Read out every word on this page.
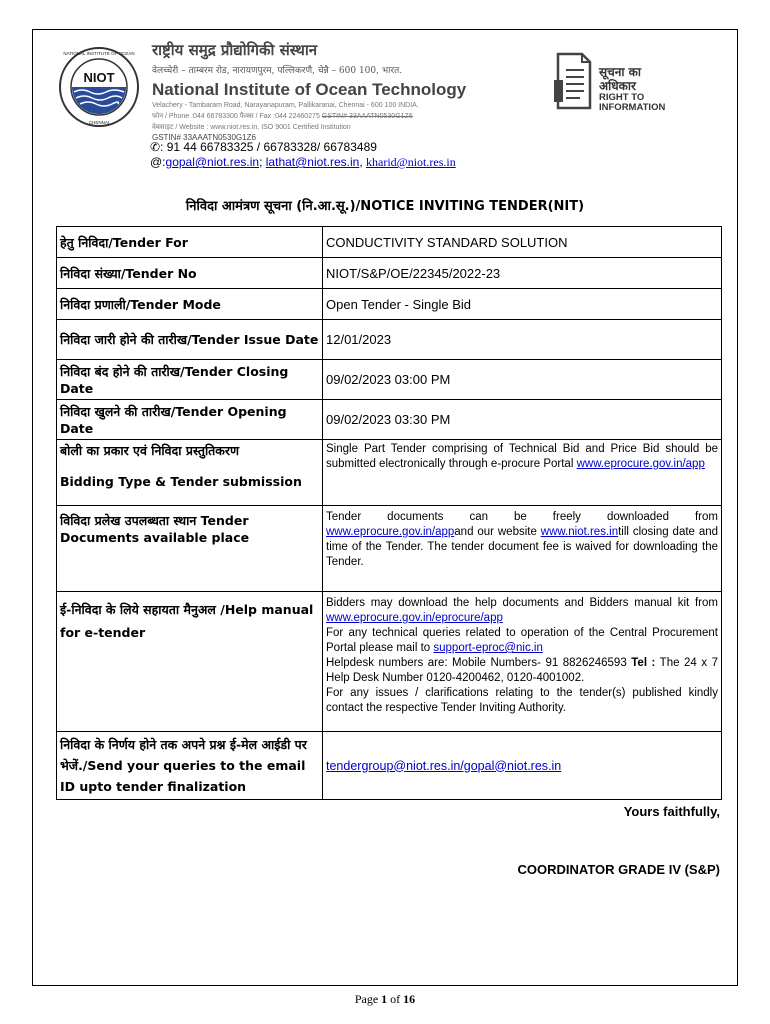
NIOT
NATIONAL INSTITUTE OF OCEAN
CHENNAI
राष्ट्रीय समुद्र प्रौद्योगिकी संस्थान
वेलच्चेरी – ताम्बरम रोड, नारायणपुरम, पल्लिकरणै, चेन्नै – 600 100, भारत.
National Institute of Ocean Technology
Velachery - Tambaram Road, Narayanapuram, Pallikaranai, Chennai - 600 100 INDIA.
फोन / Phone :044 66783300 फैक्स / Fax :044 22460275 GSTIN# 33AAATN0530G1Z6
वेबसाइट / Website : www.niot.res.in, ISO 9001 Certified Institution
GSTIN# 33AAATN0530G1Z6
सूचना का
अधिकार
RIGHT TO
INFORMATION
✆: 91 44 66783325 / 66783328/ 66783489
@:gopal@niot.res.in; lathat@niot.res.in, kharid@niot.res.in
निविदा आमंत्रण सूचना (नि.आ.सू.)/NOTICE INVITING TENDER(NIT)
हेतु निविदा/Tender For	CONDUCTIVITY STANDARD SOLUTION
निविदा संख्या/Tender No	NIOT/S&P/OE/22345/2022-23
निविदा प्रणाली/Tender Mode	Open Tender - Single Bid
निविदा जारी होने की तारीख/Tender Issue Date	12/01/2023
निविदा बंद होने की तारीख/Tender Closing Date	09/02/2023 03:00 PM
निविदा खुलने की तारीख/Tender Opening Date	09/02/2023 03:30 PM
बोली का प्रकार एवं निविदा प्रस्तुतिकरण
Bidding Type & Tender submission	Single Part Tender comprising of Technical Bid and Price Bid should be submitted electronically through e-procure Portal www.eprocure.gov.in/app
विविदा प्रलेख उपलब्धता स्थान Tender Documents available place	Tender documents can be freely downloaded from www.eprocure.gov.in/appand our website www.niot.res.intill closing date and time of the Tender. The tender document fee is waived for downloading the Tender.
ई-निविदा के लिये सहायता मैनुअल /Help manual for e-tender	Bidders may download the help documents and Bidders manual kit from www.eprocure.gov.in/eprocure/app
For any technical queries related to operation of the Central Procurement Portal please mail to support-eproc@nic.in
Helpdesk numbers are: Mobile Numbers- 91 8826246593 Tel : The 24 x 7 Help Desk Number 0120-4200462, 0120-4001002.
For any issues / clarifications relating to the tender(s) published kindly contact the respective Tender Inviting Authority.
निविदा के निर्णय होने तक अपने प्रश्न ई-मेल आईडी पर भेजें./Send your queries to the email ID upto tender finalization	tendergroup@niot.res.in/gopal@niot.res.in
Yours faithfully,
COORDINATOR GRADE IV (S&P)
Page 1 of 16
